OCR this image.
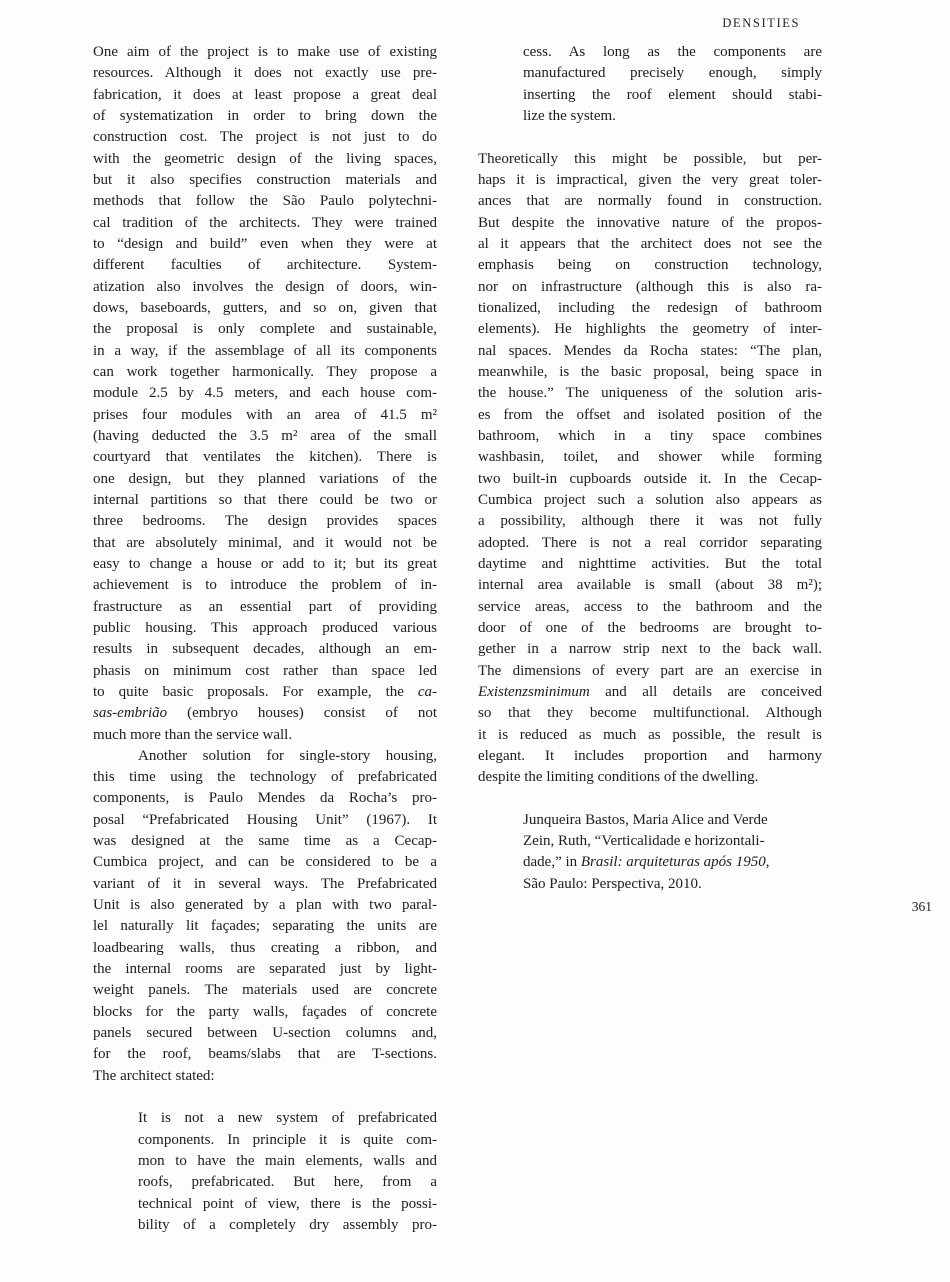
DENSITIES
One aim of the project is to make use of existing
resources. Although it does not exactly use pre-
fabrication, it does at least propose a great deal
of systematization in order to bring down the
construction cost. The project is not just to do
with the geometric design of the living spaces,
but it also specifies construction materials and
methods that follow the São Paulo polytechni-
cal tradition of the architects. They were trained
to “design and build” even when they were at
different faculties of architecture. System-
atization also involves the design of doors, win-
dows, baseboards, gutters, and so on, given that
the proposal is only complete and sustainable,
in a way, if the assemblage of all its components
can work together harmonically. They propose a
module 2.5 by 4.5 meters, and each house com-
prises four modules with an area of 41.5 m²
(having deducted the 3.5 m² area of the small
courtyard that ventilates the kitchen). There is
one design, but they planned variations of the
internal partitions so that there could be two or
three bedrooms. The design provides spaces
that are absolutely minimal, and it would not be
easy to change a house or add to it; but its great
achievement is to introduce the problem of in-
frastructure as an essential part of providing
public housing. This approach produced various
results in subsequent decades, although an em-
phasis on minimum cost rather than space led
to quite basic proposals. For example, the ca-
sas-embrião (embryo houses) consist of not
much more than the service wall.
Another solution for single-story housing,
this time using the technology of prefabricated
components, is Paulo Mendes da Rocha’s pro-
posal “Prefabricated Housing Unit” (1967). It
was designed at the same time as a Cecap-
Cumbica project, and can be considered to be a
variant of it in several ways. The Prefabricated
Unit is also generated by a plan with two paral-
lel naturally lit façades; separating the units are
loadbearing walls, thus creating a ribbon, and
the internal rooms are separated just by light-
weight panels. The materials used are concrete
blocks for the party walls, façades of concrete
panels secured between U-section columns and,
for the roof, beams/slabs that are T-sections.
The architect stated:
It is not a new system of prefabricated
components. In principle it is quite com-
mon to have the main elements, walls and
roofs, prefabricated. But here, from a
technical point of view, there is the possi-
bility of a completely dry assembly pro-
cess. As long as the components are
manufactured precisely enough, simply
inserting the roof element should stabi-
lize the system.
Theoretically this might be possible, but per-
haps it is impractical, given the very great toler-
ances that are normally found in construction.
But despite the innovative nature of the propos-
al it appears that the architect does not see the
emphasis being on construction technology,
nor on infrastructure (although this is also ra-
tionalized, including the redesign of bathroom
elements). He highlights the geometry of inter-
nal spaces. Mendes da Rocha states: “The plan,
meanwhile, is the basic proposal, being space in
the house.” The uniqueness of the solution aris-
es from the offset and isolated position of the
bathroom, which in a tiny space combines
washbasin, toilet, and shower while forming
two built-in cupboards outside it. In the Cecap-
Cumbica project such a solution also appears as
a possibility, although there it was not fully
adopted. There is not a real corridor separating
daytime and nighttime activities. But the total
internal area available is small (about 38 m²);
service areas, access to the bathroom and the
door of one of the bedrooms are brought to-
gether in a narrow strip next to the back wall.
The dimensions of every part are an exercise in
Existenzsminimum and all details are conceived
so that they become multifunctional. Although
it is reduced as much as possible, the result is
elegant. It includes proportion and harmony
despite the limiting conditions of the dwelling.
Junqueira Bastos, Maria Alice and Verde
Zein, Ruth, “Verticalidade e horizontali-
dade,” in Brasil: arquiteturas após 1950,
São Paulo: Perspectiva, 2010.
361
